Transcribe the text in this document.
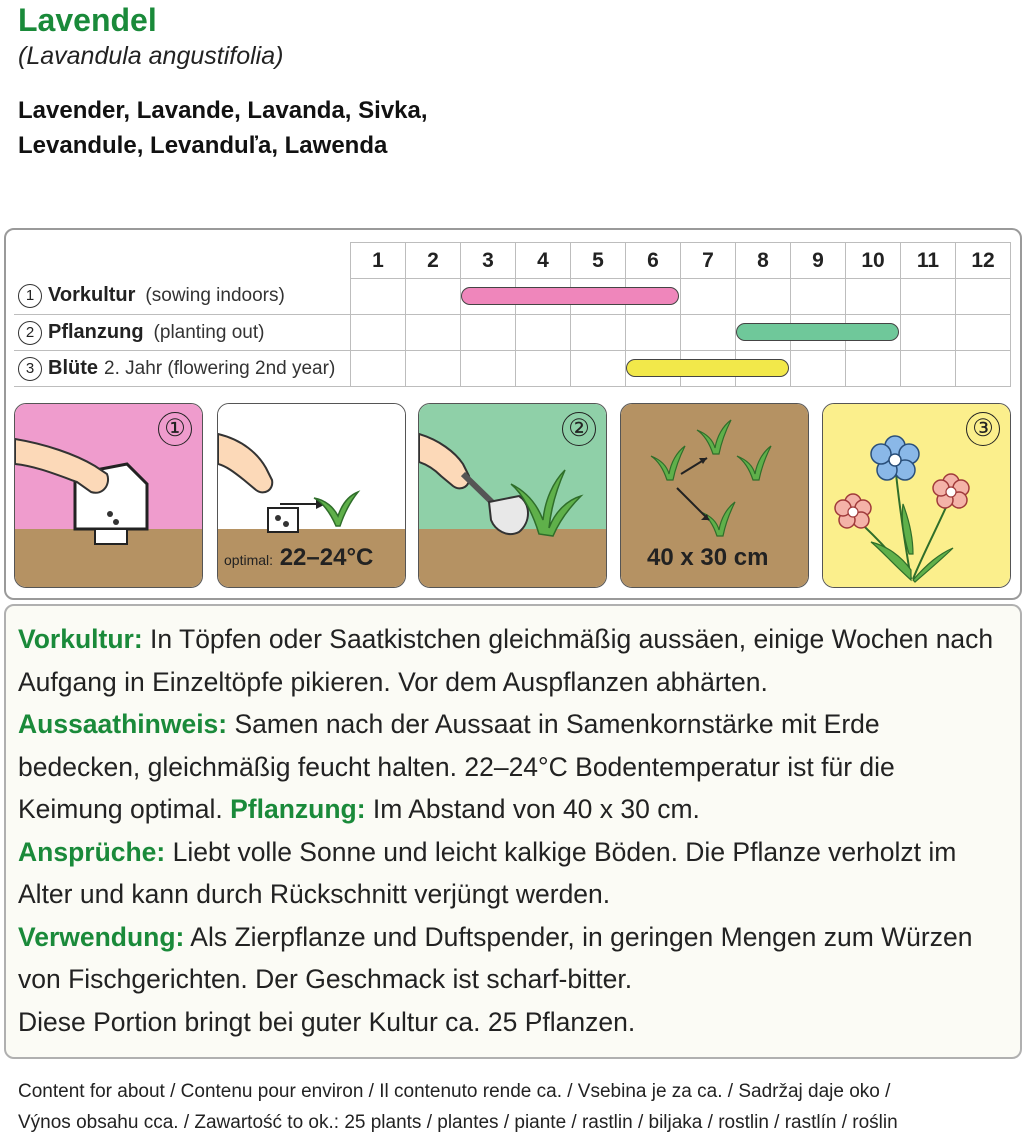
Lavendel
(Lavandula angustifolia)
Lavender, Lavande, Lavanda, Sivka,
Levandule, Levanduľa, Lawenda
	1	2	3	4	5	6	7	8	9	10	11	12
1 Vorkultur (sowing indoors)												
2 Pflanzung (planting out)												
3 Blüte 2. Jahr (flowering 2nd year)												
①
optimal: 22–24°C
②
40 x 30 cm
③
Vorkultur: In Töpfen oder Saatkistchen gleichmäßig aussäen, einige Wochen nach Aufgang in Einzeltöpfe pikieren. Vor dem Auspflanzen abhärten.
Aussaathinweis: Samen nach der Aussaat in Samenkornstärke mit Erde bedecken, gleichmäßig feucht halten. 22–24°C Bodentemperatur ist für die Keimung optimal. Pflanzung: Im Abstand von 40 x 30 cm.
Ansprüche: Liebt volle Sonne und leicht kalkige Böden. Die Pflanze verholzt im Alter und kann durch Rückschnitt verjüngt werden.
Verwendung: Als Zierpflanze und Duftspender, in geringen Mengen zum Würzen von Fischgerichten. Der Geschmack ist scharf-bitter.
Diese Portion bringt bei guter Kultur ca. 25 Pflanzen.
Content for about / Contenu pour environ / Il contenuto rende ca. / Vsebina je za ca. / Sadržaj daje oko /
Výnos obsahu cca. / Zawartość to ok.: 25 plants / plantes / piante / rastlin / biljaka / rostlin / rastlín / roślin
